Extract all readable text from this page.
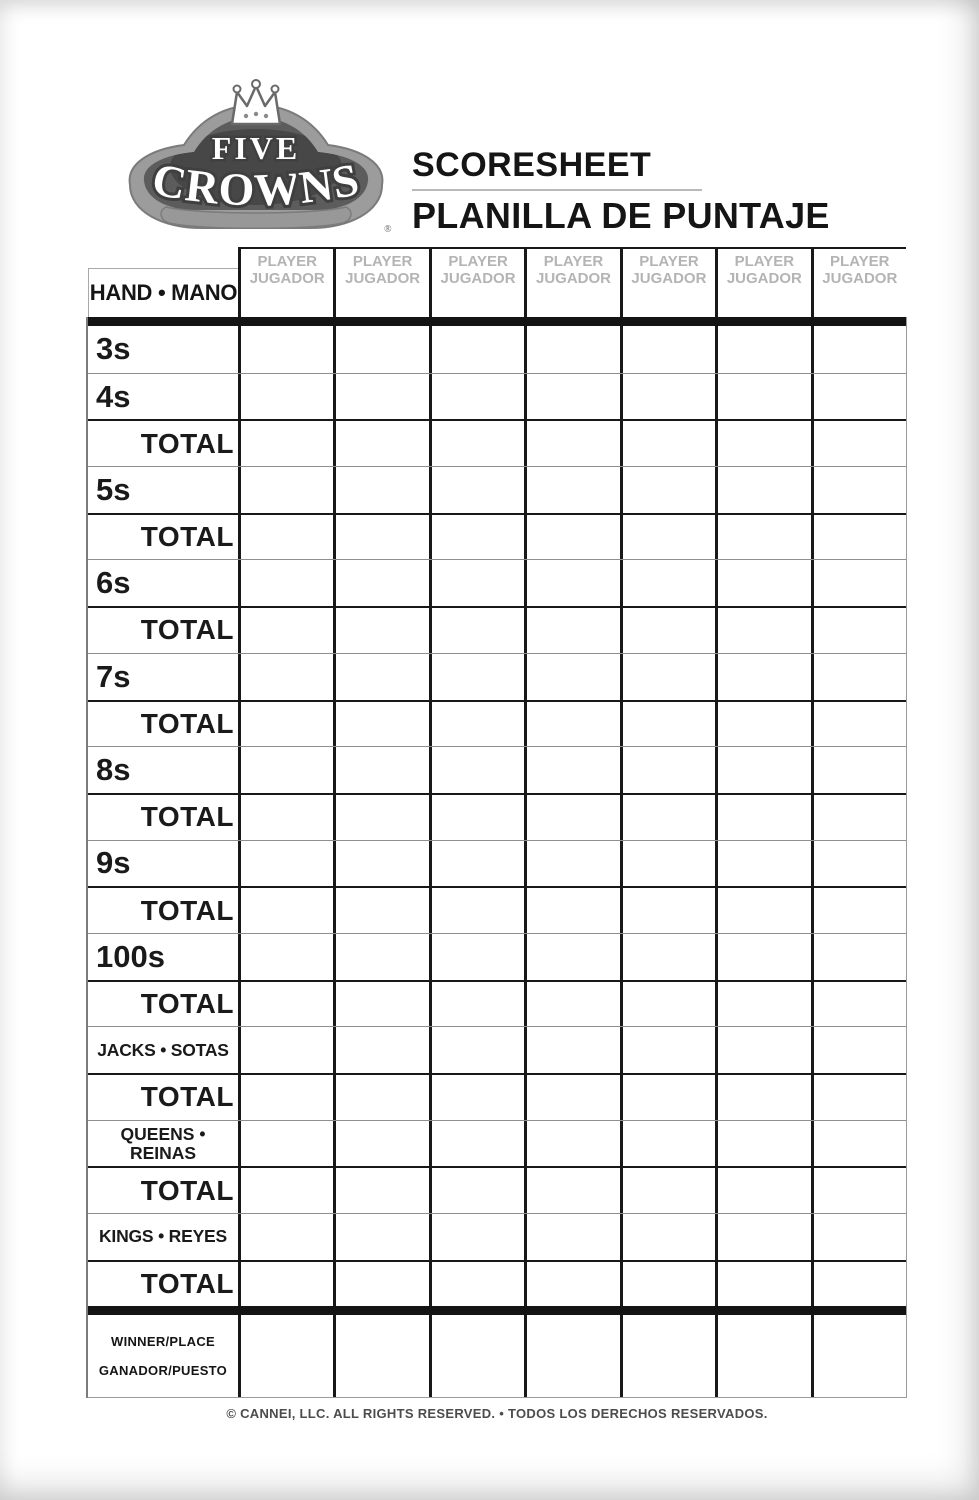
FIVE
CROWNS
®
SCORESHEET
PLANILLA DE PUNTAJE
HAND • MANO
PLAYER
JUGADOR
PLAYER
JUGADOR
PLAYER
JUGADOR
PLAYER
JUGADOR
PLAYER
JUGADOR
PLAYER
JUGADOR
PLAYER
JUGADOR
3s
4s
TOTAL
5s
TOTAL
6s
TOTAL
7s
TOTAL
8s
TOTAL
9s
TOTAL
100s
TOTAL
JACKS • SOTAS
TOTAL
QUEENS •
REINAS
TOTAL
KINGS • REYES
TOTAL
WINNER/PLACE
GANADOR/PUESTO
© CANNEI, LLC. ALL RIGHTS RESERVED. • TODOS LOS DERECHOS RESERVADOS.
